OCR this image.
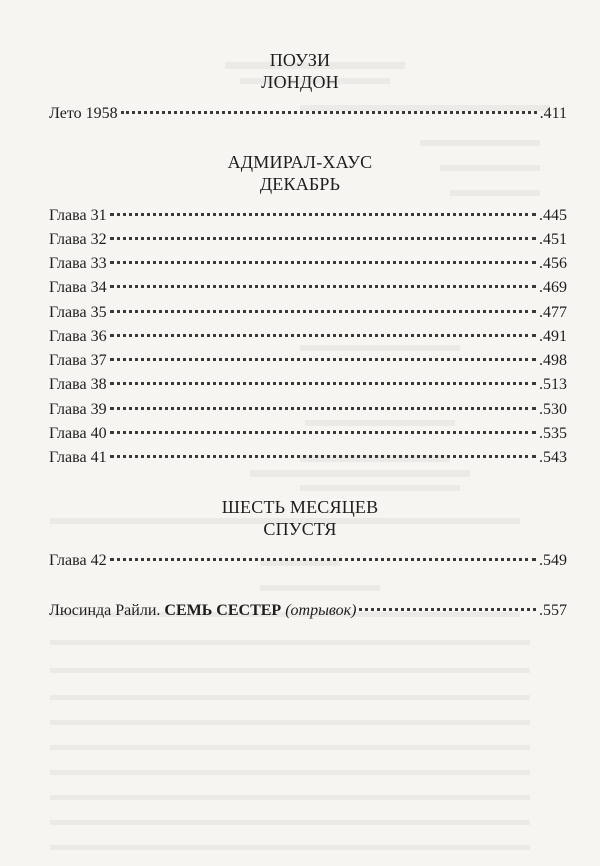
ПОУЗИ
ЛОНДОН
Лето 1958	.411
АДМИРАЛ-ХАУС
ДЕКАБРЬ
Глава 31	.445
Глава 32	.451
Глава 33	.456
Глава 34	.469
Глава 35	.477
Глава 36	.491
Глава 37	.498
Глава 38	.513
Глава 39	.530
Глава 40	.535
Глава 41	.543
ШЕСТЬ МЕСЯЦЕВ
СПУСТЯ
Глава 42	.549
Люсинда Райли. СЕМЬ СЕСТЕР (отрывок)	.557
